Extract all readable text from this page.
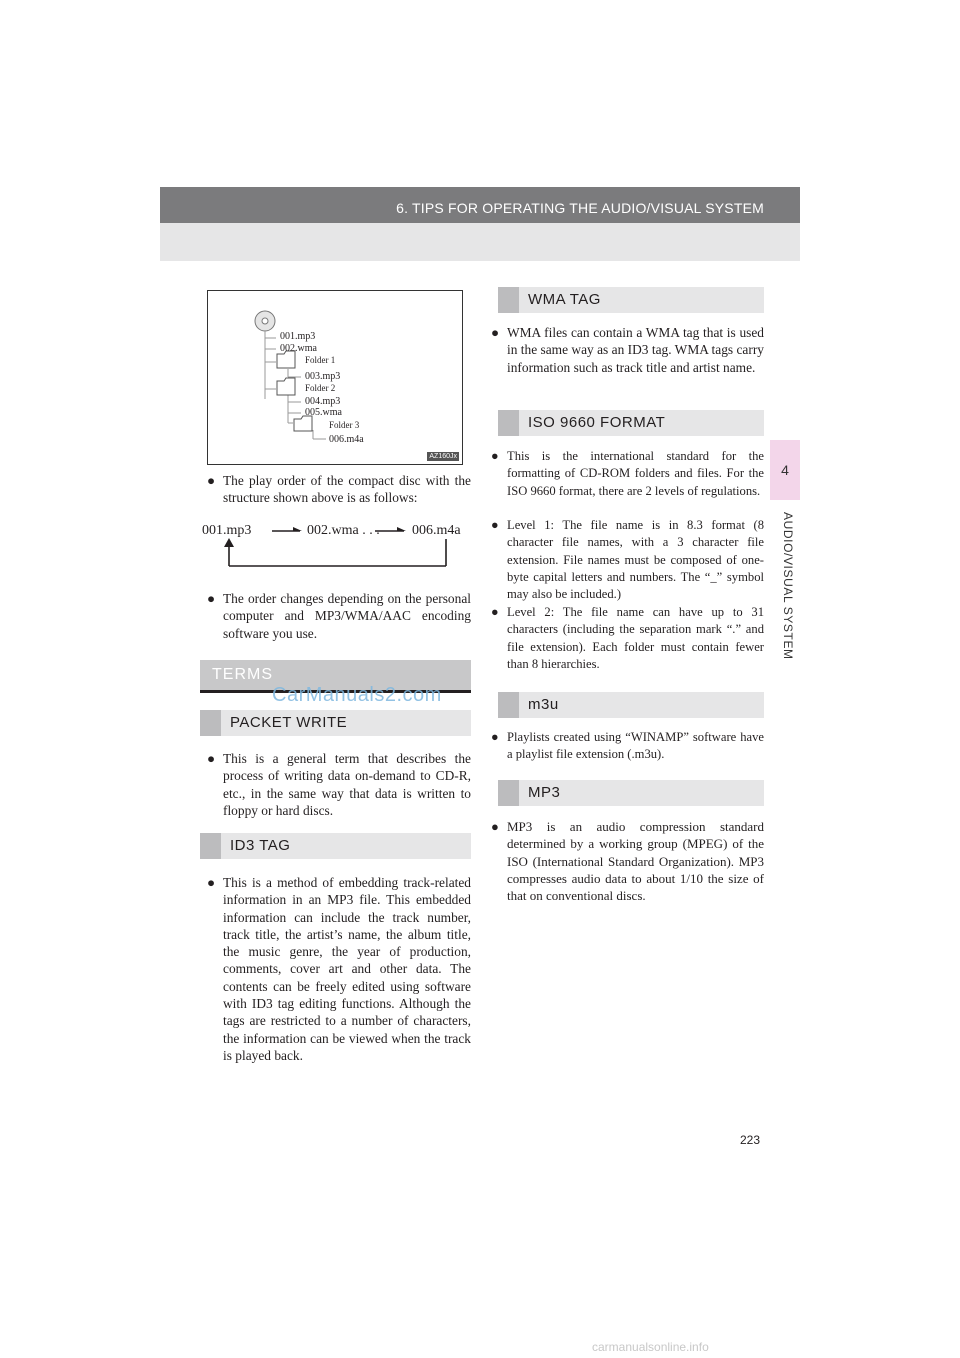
6. TIPS FOR OPERATING THE AUDIO/VISUAL SYSTEM
4
AUDIO/VISUAL SYSTEM
001.mp3
002.wma
Folder 1
003.mp3
Folder 2
004.mp3
005.wma
Folder 3
006.m4a
AZ160Jx
● The play order of the compact disc with the structure shown above is as follows:
001.mp3	002.wma . . . 006.m4a
● The order changes depending on the personal computer and MP3/WMA/AAC encoding software you use.
TERMS
CarManuals2.com
PACKET WRITE
● This is a general term that describes the process of writing data on-demand to CD-R, etc., in the same way that data is written to floppy or hard discs.
ID3 TAG
● This is a method of embedding track-related information in an MP3 file. This embedded information can include the track number, track title, the artist’s name, the album title, the music genre, the year of production, comments, cover art and other data. The contents can be freely edited using software with ID3 tag editing functions. Although the tags are restricted to a number of characters, the information can be viewed when the track is played back.
WMA TAG
● WMA files can contain a WMA tag that is used in the same way as an ID3 tag. WMA tags carry information such as track title and artist name.
ISO 9660 FORMAT
● This is the international standard for the formatting of CD-ROM folders and files. For the ISO 9660 format, there are 2 levels of regulations.
● Level 1: The file name is in 8.3 format (8 character file names, with a 3 character file extension. File names must be composed of one-byte capital letters and numbers. The “_” symbol may also be included.)
● Level 2: The file name can have up to 31 characters (including the separation mark “.” and file extension). Each folder must contain fewer than 8 hierarchies.
m3u
● Playlists created using “WINAMP” software have a playlist file extension (.m3u).
MP3
● MP3 is an audio compression standard determined by a working group (MPEG) of the ISO (International Standard Organization). MP3 compresses audio data to about 1/10 the size of that on conventional discs.
223
carmanualsonline.info
